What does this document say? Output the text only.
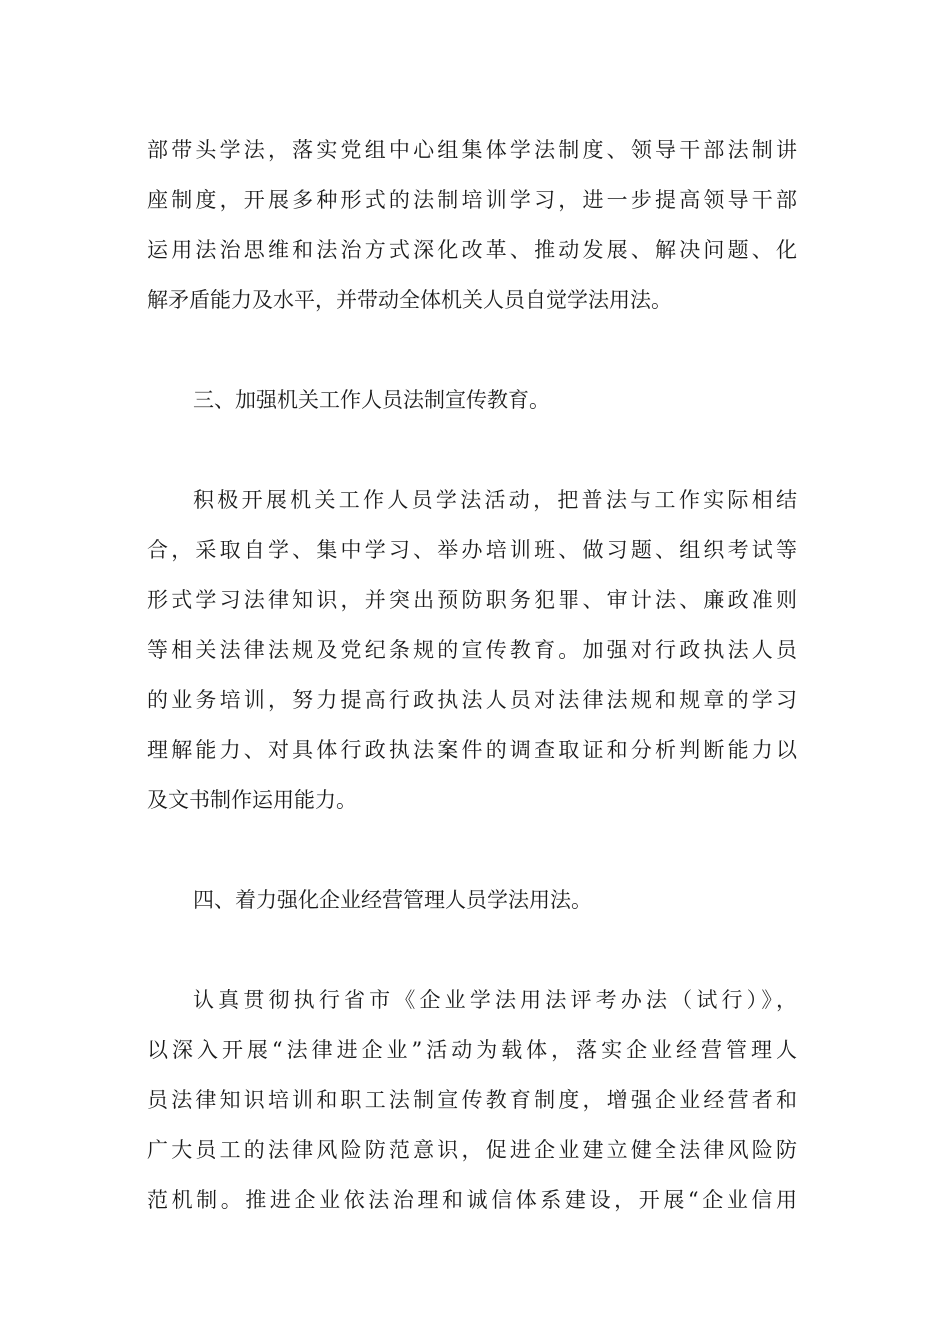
部带头学法，落实党组中心组集体学法制度、领导干部法制讲

座制度，开展多种形式的法制培训学习，进一步提高领导干部

运用法治思维和法治方式深化改革、推动发展、解决问题、化

解矛盾能力及水平，并带动全体机关人员自觉学法用法。

三、加强机关工作人员法制宣传教育。

积极开展机关工作人员学法活动，把普法与工作实际相结

合，采取自学、集中学习、举办培训班、做习题、组织考试等

形式学习法律知识，并突出预防职务犯罪、审计法、廉政准则

等相关法律法规及党纪条规的宣传教育。加强对行政执法人员

的业务培训，努力提高行政执法人员对法律法规和规章的学习

理解能力、对具体行政执法案件的调查取证和分析判断能力以

及文书制作运用能力。

四、着力强化企业经营管理人员学法用法。

认真贯彻执行省市《企业学法用法评考办法（试行）》，

以深入开展“法律进企业”活动为载体，落实企业经营管理人

员法律知识培训和职工法制宣传教育制度，增强企业经营者和

广大员工的法律风险防范意识，促进企业建立健全法律风险防

范机制。推进企业依法治理和诚信体系建设，开展“企业信用
